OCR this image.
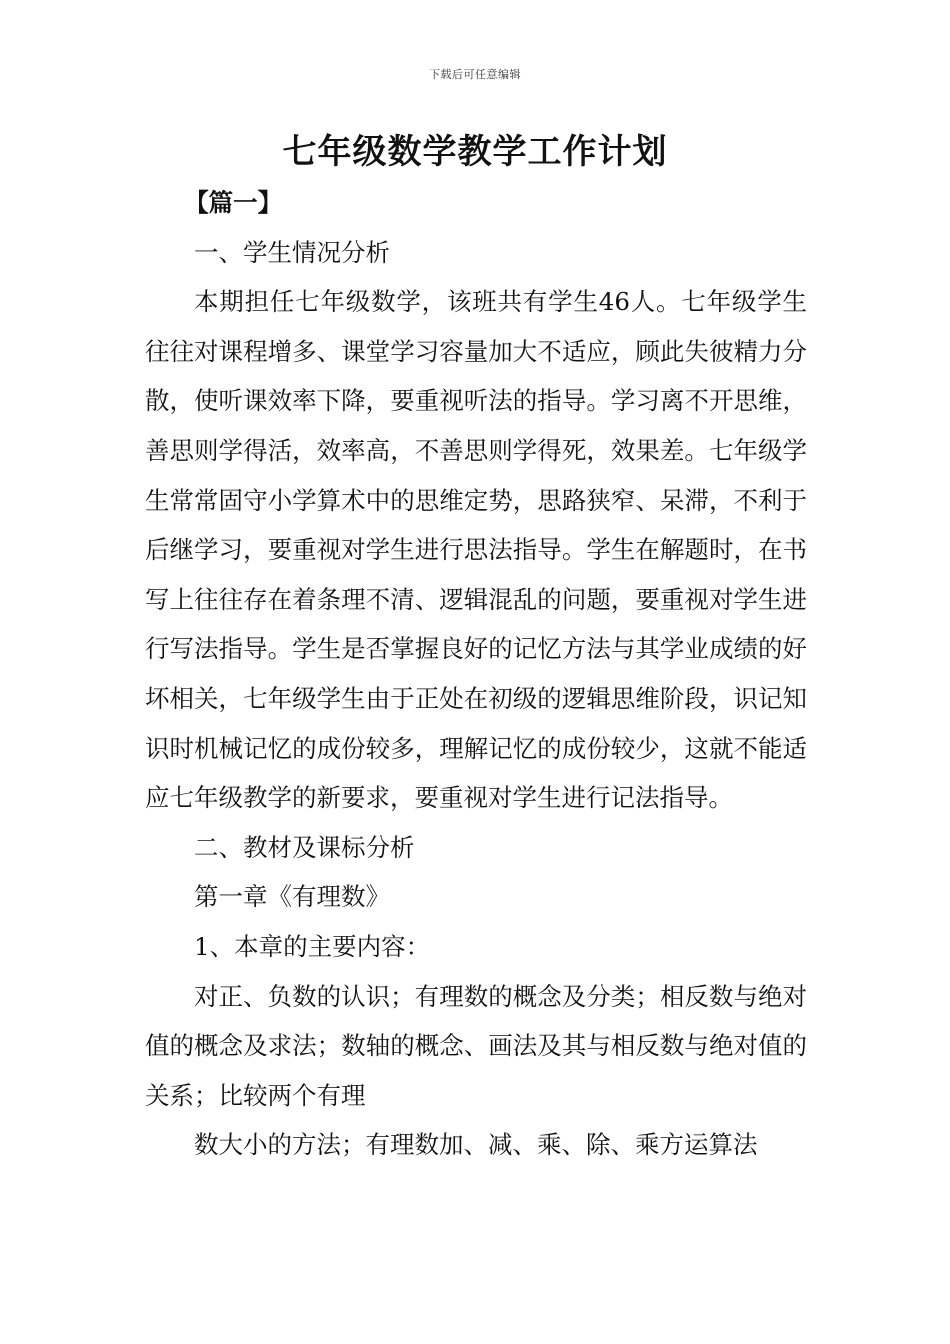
下载后可任意编辑
七年级数学教学工作计划

【篇一】

一、学生情况分析

本期担任七年级数学，该班共有学生46人。七年级学生往往对课程增多、课堂学习容量加大不适应，顾此失彼精力分散，使听课效率下降，要重视听法的指导。学习离不开思维，善思则学得活，效率高，不善思则学得死，效果差。七年级学生常常固守小学算术中的思维定势，思路狭窄、呆滞，不利于后继学习，要重视对学生进行思法指导。学生在解题时，在书写上往往存在着条理不清、逻辑混乱的问题，要重视对学生进行写法指导。学生是否掌握良好的记忆方法与其学业成绩的好坏相关，七年级学生由于正处在初级的逻辑思维阶段，识记知识时机械记忆的成份较多，理解记忆的成份较少，这就不能适应七年级教学的新要求，要重视对学生进行记法指导。

二、教材及课标分析

第一章《有理数》

1、本章的主要内容：

对正、负数的认识；有理数的概念及分类；相反数与绝对值的概念及求法；数轴的概念、画法及其与相反数与绝对值的关系；比较两个有理

数大小的方法；有理数加、减、乘、除、乘方运算法
